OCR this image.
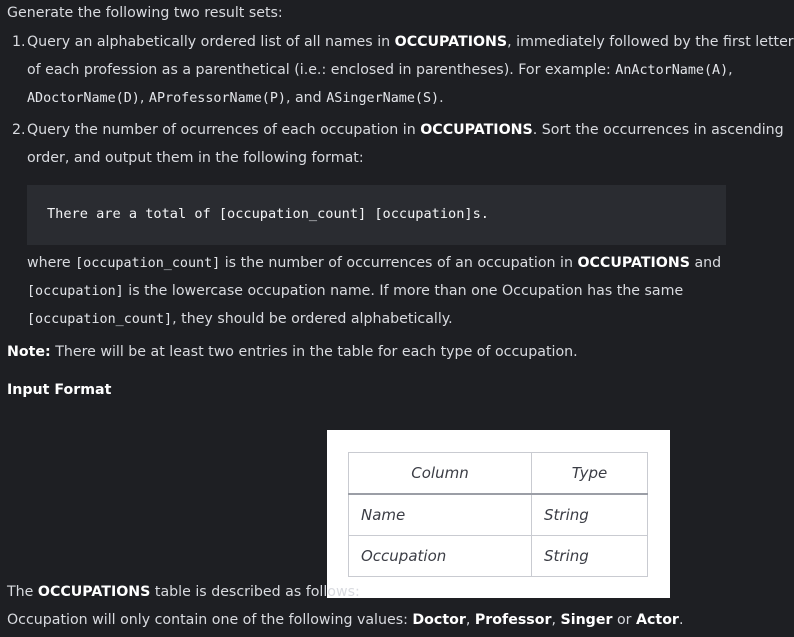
Generate the following two result sets:
1. Query an alphabetically ordered list of all names in OCCUPATIONS, immediately followed by the first letter
of each profession as a parenthetical (i.e.: enclosed in parentheses). For example: AnActorName(A),
ADoctorName(D), AProfessorName(P), and ASingerName(S).
2. Query the number of ocurrences of each occupation in OCCUPATIONS. Sort the occurrences in ascending
order, and output them in the following format:
There are a total of [occupation_count] [occupation]s.
where [occupation_count] is the number of occurrences of an occupation in OCCUPATIONS and
[occupation] is the lowercase occupation name. If more than one Occupation has the same
[occupation_count], they should be ordered alphabetically.
Note: There will be at least two entries in the table for each type of occupation.
Input Format
Column	Type
Name	String
Occupation	String
The OCCUPATIONS table is described as follows:
Occupation will only contain one of the following values: Doctor, Professor, Singer or Actor.
